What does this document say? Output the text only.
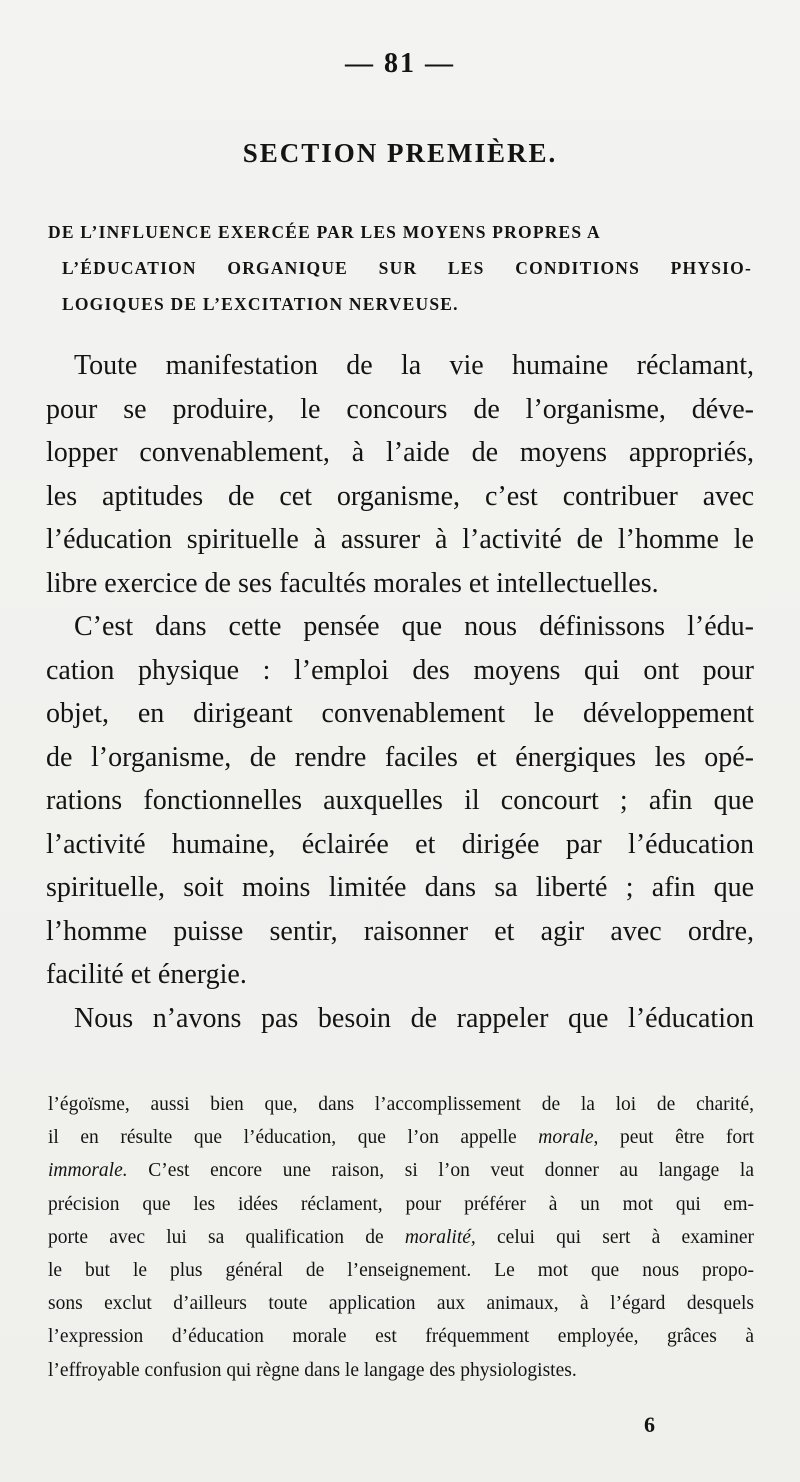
— 81 —
SECTION PREMIÈRE.
DE L’INFLUENCE EXERCÉE PAR LES MOYENS PROPRES A
L’ÉDUCATION ORGANIQUE SUR LES CONDITIONS PHYSIO-
LOGIQUES DE L’EXCITATION NERVEUSE.
Toute manifestation de la vie humaine réclamant,
pour se produire, le concours de l’organisme, déve-
lopper convenablement, à l’aide de moyens appropriés,
les aptitudes de cet organisme, c’est contribuer avec
l’éducation spirituelle à assurer à l’activité de l’homme le
libre exercice de ses facultés morales et intellectuelles.
C’est dans cette pensée que nous définissons l’édu-
cation physique : l’emploi des moyens qui ont pour
objet, en dirigeant convenablement le développement
de l’organisme, de rendre faciles et énergiques les opé-
rations fonctionnelles auxquelles il concourt ; afin que
l’activité humaine, éclairée et dirigée par l’éducation
spirituelle, soit moins limitée dans sa liberté ; afin que
l’homme puisse sentir, raisonner et agir avec ordre,
facilité et énergie.
Nous n’avons pas besoin de rappeler que l’éducation
l’égoïsme, aussi bien que, dans l’accomplissement de la loi de charité,
il en résulte que l’éducation, que l’on appelle morale, peut être fort
immorale. C’est encore une raison, si l’on veut donner au langage la
précision que les idées réclament, pour préférer à un mot qui em-
porte avec lui sa qualification de moralité, celui qui sert à examiner
le but le plus général de l’enseignement. Le mot que nous propo-
sons exclut d’ailleurs toute application aux animaux, à l’égard desquels
l’expression d’éducation morale est fréquemment employée, grâces à
l’effroyable confusion qui règne dans le langage des physiologistes.
6
